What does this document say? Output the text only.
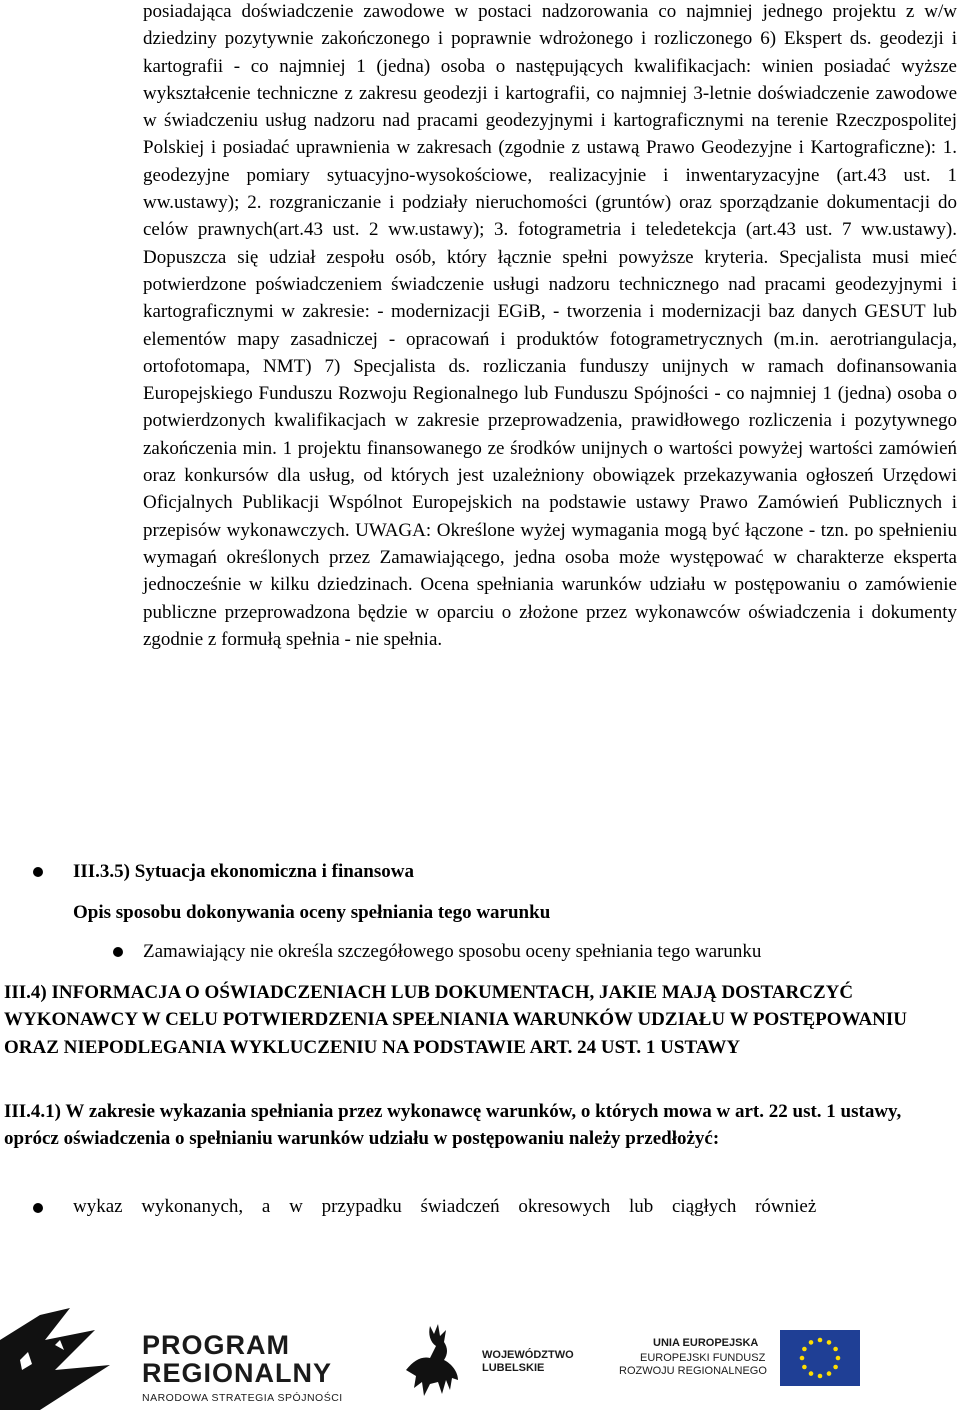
posiadająca doświadczenie zawodowe w postaci nadzorowania co najmniej jednego projektu z w/w dziedziny pozytywnie zakończonego i poprawnie wdrożonego i rozliczonego 6) Ekspert ds. geodezji i kartografii - co najmniej 1 (jedna) osoba o następujących kwalifikacjach: winien posiadać wyższe wykształcenie techniczne z zakresu geodezji i kartografii, co najmniej 3-letnie doświadczenie zawodowe w świadczeniu usług nadzoru nad pracami geodezyjnymi i kartograficznymi na terenie Rzeczpospolitej Polskiej i posiadać uprawnienia w zakresach (zgodnie z ustawą Prawo Geodezyjne i Kartograficzne): 1. geodezyjne pomiary sytuacyjno-wysokościowe, realizacyjnie i inwentaryzacyjne (art.43 ust. 1 ww.ustawy); 2. rozgraniczanie i podziały nieruchomości (gruntów) oraz sporządzanie dokumentacji do celów prawnych(art.43 ust. 2 ww.ustawy); 3. fotogrametria i teledetekcja (art.43 ust. 7 ww.ustawy). Dopuszcza się udział zespołu osób, który łącznie spełni powyższe kryteria. Specjalista musi mieć potwierdzone poświadczeniem świadczenie usługi nadzoru technicznego nad pracami geodezyjnymi i kartograficznymi w zakresie: - modernizacji EGiB, - tworzenia i modernizacji baz danych GESUT lub elementów mapy zasadniczej - opracowań i produktów fotogrametrycznych (m.in. aerotriangulacja, ortofotomapa, NMT) 7) Specjalista ds. rozliczania funduszy unijnych w ramach dofinansowania Europejskiego Funduszu Rozwoju Regionalnego lub Funduszu Spójności - co najmniej 1 (jedna) osoba o potwierdzonych kwalifikacjach w zakresie przeprowadzenia, prawidłowego rozliczenia i pozytywnego zakończenia min. 1 projektu finansowanego ze środków unijnych o wartości powyżej wartości zamówień oraz konkursów dla usług, od których jest uzależniony obowiązek przekazywania ogłoszeń Urzędowi Oficjalnych Publikacji Wspólnot Europejskich na podstawie ustawy Prawo Zamówień Publicznych i przepisów wykonawczych. UWAGA: Określone wyżej wymagania mogą być łączone - tzn. po spełnieniu wymagań określonych przez Zamawiającego, jedna osoba może występować w charakterze eksperta jednocześnie w kilku dziedzinach. Ocena spełniania warunków udziału w postępowaniu o zamówienie publiczne przeprowadzona będzie w oparciu o złożone przez wykonawców oświadczenia i dokumenty zgodnie z formułą spełnia - nie spełnia.

III.3.5) Sytuacja ekonomiczna i finansowa

Opis sposobu dokonywania oceny spełniania tego warunku

Zamawiający nie określa szczegółowego sposobu oceny spełniania tego warunku

III.4) INFORMACJA O OŚWIADCZENIACH LUB DOKUMENTACH, JAKIE MAJĄ DOSTARCZYĆ WYKONAWCY W CELU POTWIERDZENIA SPEŁNIANIA WARUNKÓW UDZIAŁU W POSTĘPOWANIU ORAZ NIEPODLEGANIA WYKLUCZENIU NA PODSTAWIE ART. 24 UST. 1 USTAWY

III.4.1) W zakresie wykazania spełniania przez wykonawcę warunków, o których mowa w art. 22 ust. 1 ustawy, oprócz oświadczenia o spełnianiu warunków udziału w postępowaniu należy przedłożyć:

wykaz wykonanych, a w przypadku świadczeń okresowych lub ciągłych również

PROGRAM
REGIONALNY
NARODOWA STRATEGIA SPÓJNOŚCI
WOJEWÓDZTWO
LUBELSKIE
UNIA EUROPEJSKA
EUROPEJSKI FUNDUSZ
ROZWOJU REGIONALNEGO
